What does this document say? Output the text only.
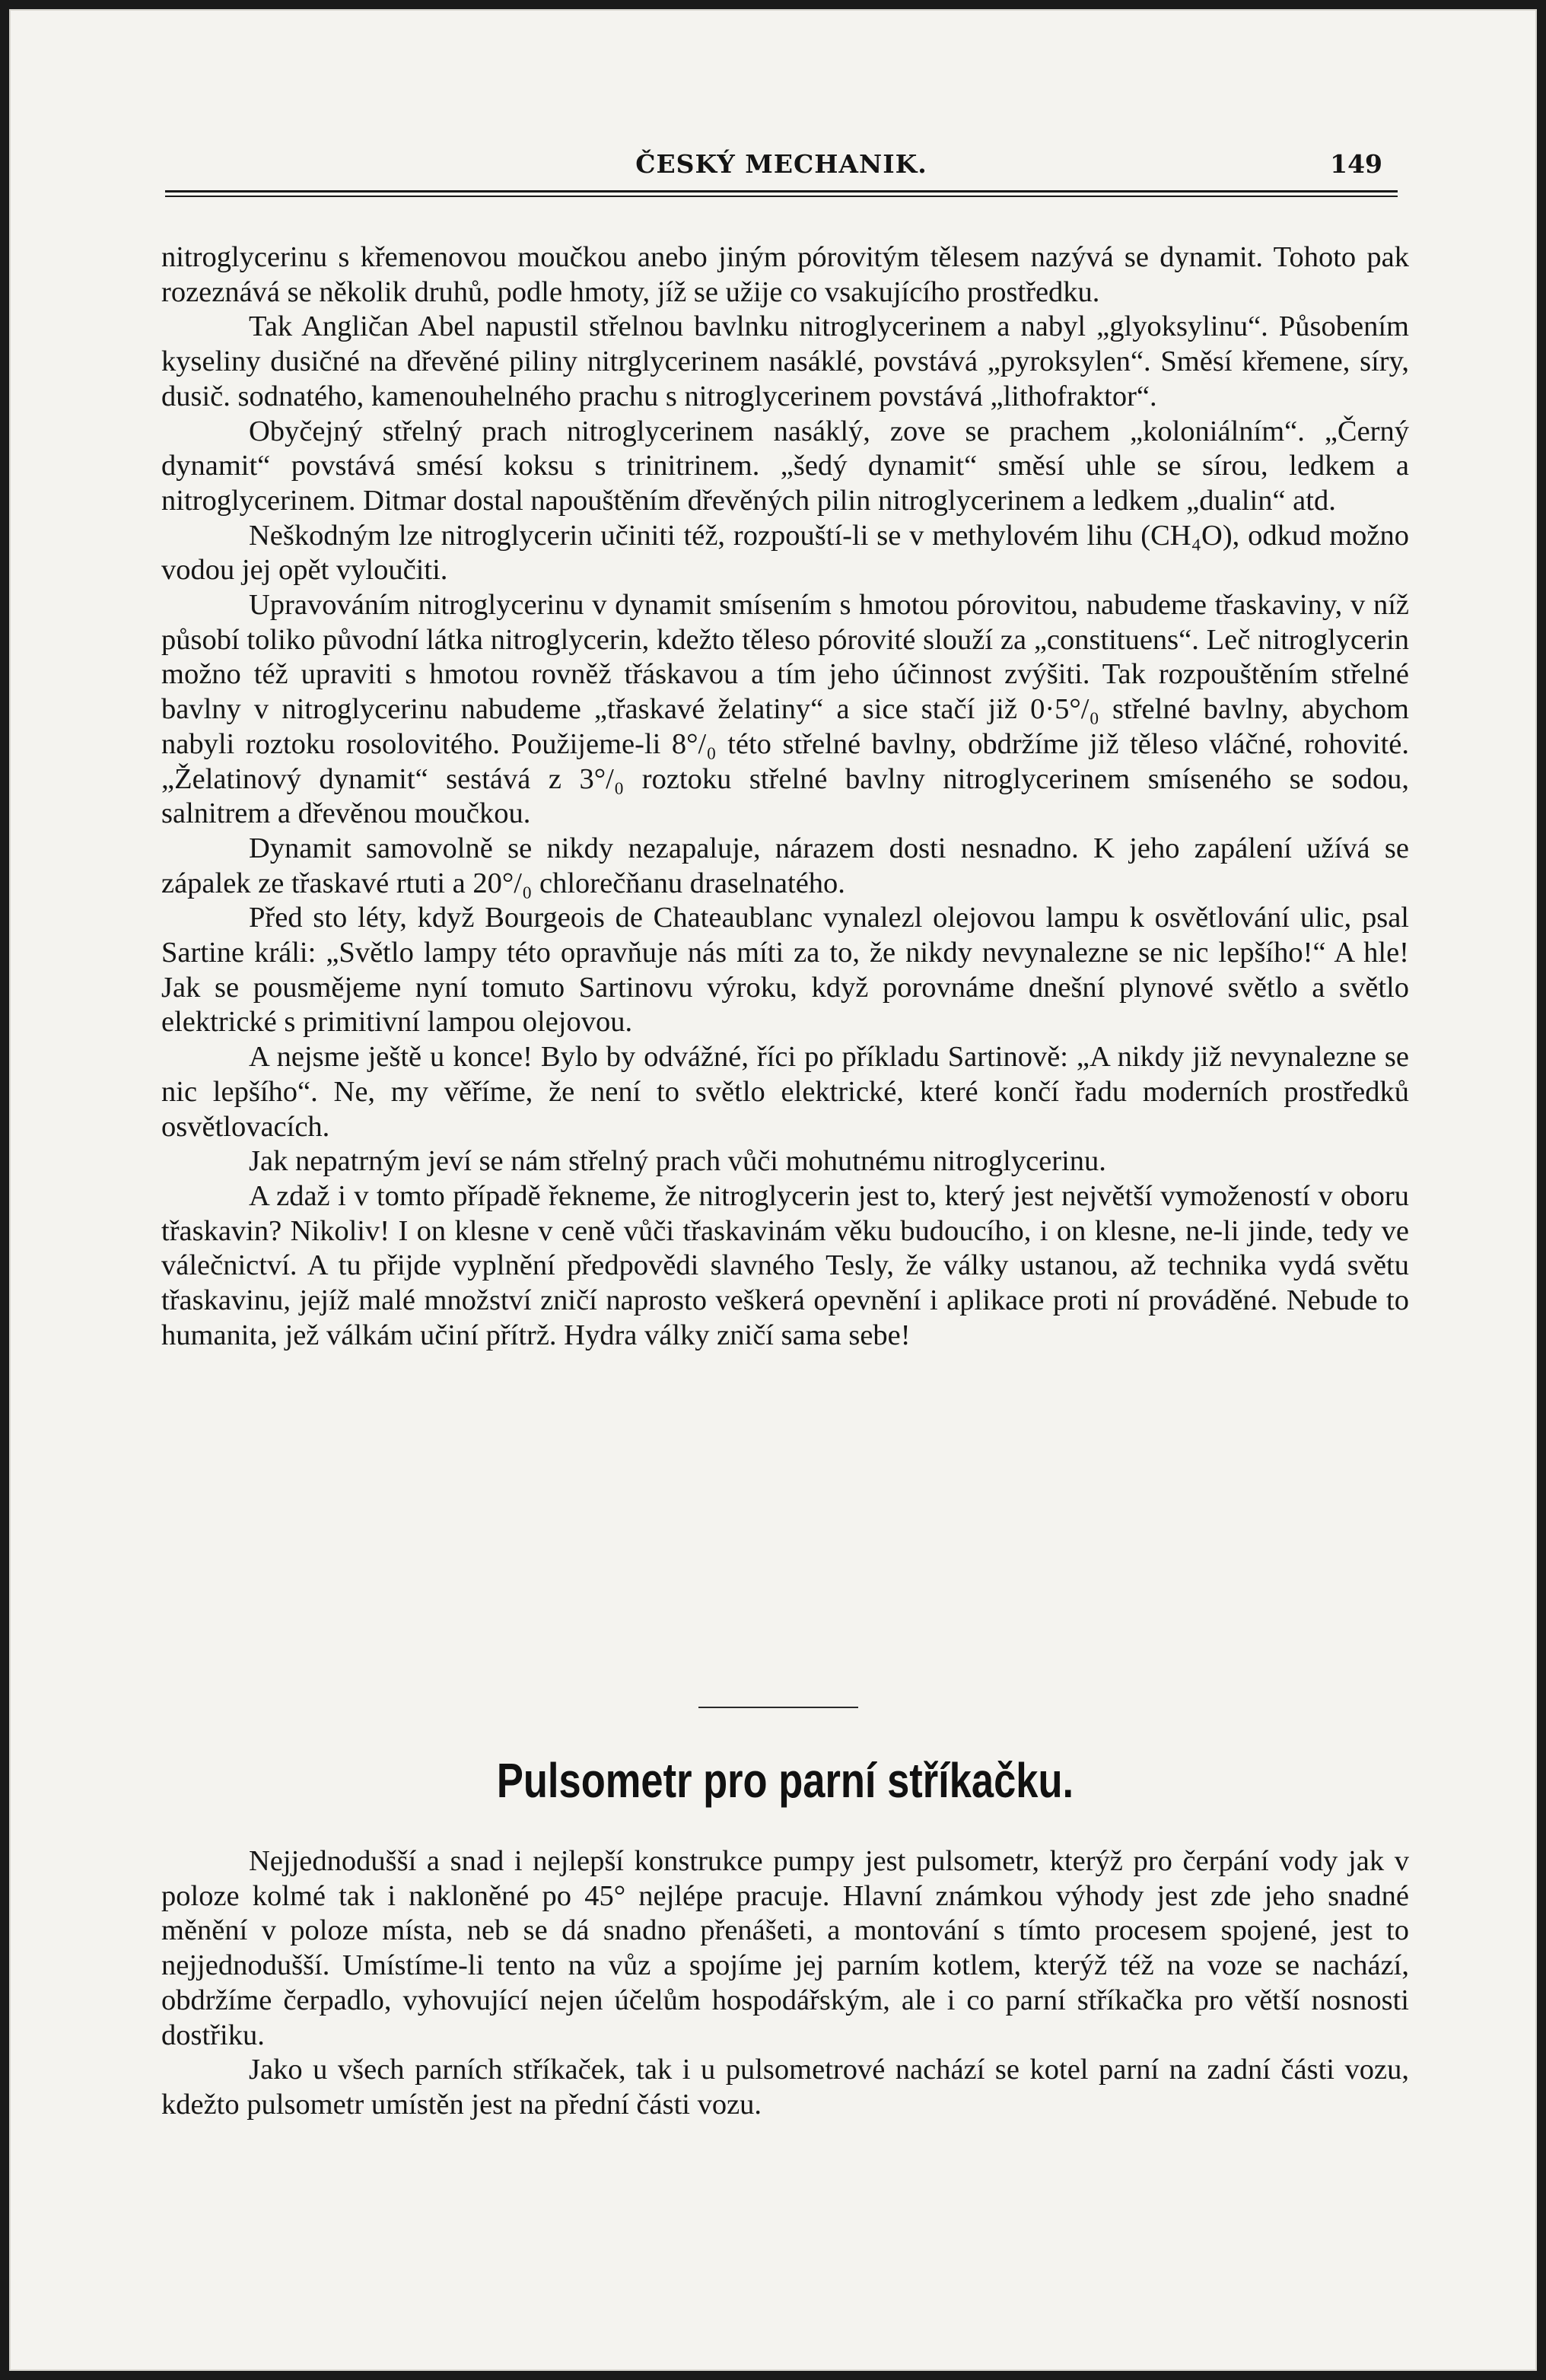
ČESKÝ MECHANIK.	149

nitroglycerinu s křemenovou moučkou anebo jiným pórovitým tělesem nazývá se dynamit. Tohoto pak rozeznává se několik druhů, podle hmoty, jíž se užije co vsakujícího prostředku.

Tak Angličan Abel napustil střelnou bavlnku nitroglycerinem a nabyl „glyoksylinu“. Působením kyseliny dusičné na dřevěné piliny nitrglycerinem nasáklé, povstává „pyroksylen“. Směsí křemene, síry, dusič. sodnatého, kamenouhelného prachu s nitroglycerinem povstává „lithofraktor“.

Obyčejný střelný prach nitroglycerinem nasáklý, zove se prachem „koloniálním“. „Černý dynamit“ povstává smésí koksu s trinitrinem. „šedý dynamit“ směsí uhle se sírou, ledkem a nitroglycerinem. Ditmar dostal napouštěním dřevěných pilin nitroglycerinem a ledkem „dualin“ atd.

Neškodným lze nitroglycerin učiniti též, rozpouští-li se v methylovém lihu (CH₄O), odkud možno vodou jej opět vyloučiti.

Upravováním nitroglycerinu v dynamit smísením s hmotou pórovitou, nabudeme třaskaviny, v níž působí toliko původní látka nitroglycerin, kdežto těleso pórovité slouží za „constituens“. Leč nitroglycerin možno též upraviti s hmotou rovněž třáskavou a tím jeho účinnost zvýšiti. Tak rozpouštěním střelné bavlny v nitroglycerinu nabudeme „třaskavé želatiny“ a sice stačí již 0·5°/₀ střelné bavlny, abychom nabyli roztoku rosolovitého. Použijeme-li 8°/₀ této střelné bavlny, obdržíme již těleso vláčné, rohovité. „Želatinový dynamit“ sestává z 3°/₀ roztoku střelné bavlny nitroglycerinem smíseného se sodou, salnitrem a dřevěnou moučkou.

Dynamit samovolně se nikdy nezapaluje, nárazem dosti nesnadno. K jeho zapálení užívá se zápalek ze třaskavé rtuti a 20°/₀ chlorečňanu draselnatého.

Před sto léty, když Bourgeois de Chateaublanc vynalezl olejovou lampu k osvětlování ulic, psal Sartine králi: „Světlo lampy této opravňuje nás míti za to, že nikdy nevynalezne se nic lepšího!“ A hle! Jak se pousmějeme nyní tomuto Sartinovu výroku, když porovnáme dnešní plynové světlo a světlo elektrické s primitivní lampou olejovou.

A nejsme ještě u konce! Bylo by odvážné, říci po příkladu Sartinově: „A nikdy již nevynalezne se nic lepšího“. Ne, my věříme, že není to světlo elektrické, které končí řadu moderních prostředků osvětlovacích.

Jak nepatrným jeví se nám střelný prach vůči mohutnému nitroglycerinu.

A zdaž i v tomto případě řekneme, že nitroglycerin jest to, který jest největší vymožeností v oboru třaskavin? Nikoliv! I on klesne v ceně vůči třaskavinám věku budoucího, i on klesne, ne-li jinde, tedy ve válečnictví. A tu přijde vyplnění předpovědi slavného Tesly, že války ustanou, až technika vydá světu třaskavinu, jejíž malé množství zničí naprosto veškerá opevnění i aplikace proti ní prováděné. Nebude to humanita, jež válkám učiní přítrž. Hydra války zničí sama sebe!

Pulsometr pro parní stříkačku.

Nejjednodušší a snad i nejlepší konstrukce pumpy jest pulsometr, kterýž pro čerpání vody jak v poloze kolmé tak i nakloněné po 45° nejlépe pracuje. Hlavní známkou výhody jest zde jeho snadné měnění v poloze místa, neb se dá snadno přenášeti, a montování s tímto procesem spojené, jest to nejjednodušší. Umístíme-li tento na vůz a spojíme jej parním kotlem, kterýž též na voze se nachází, obdržíme čerpadlo, vyhovující nejen účelům hospodářským, ale i co parní stříkačka pro větší nosnosti dostřiku.

Jako u všech parních stříkaček, tak i u pulsometrové nachází se kotel parní na zadní části vozu, kdežto pulsometr umístěn jest na přední části vozu.
